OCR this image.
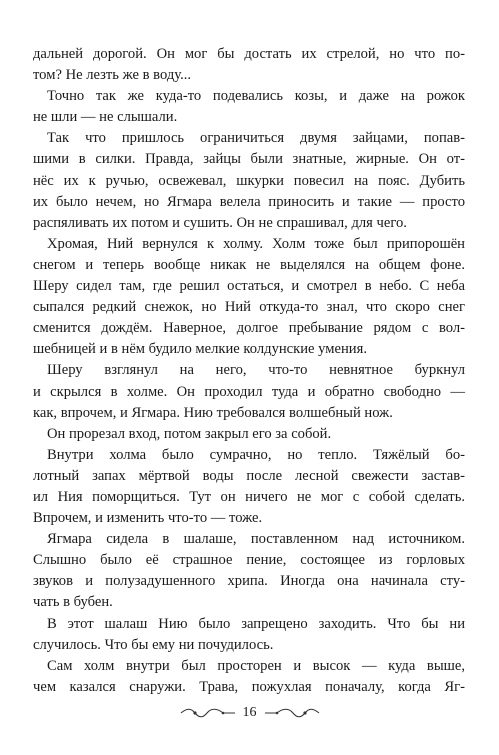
дальней дорогой. Он мог бы достать их стрелой, но что по-
том? Не лезть же в воду...
Точно так же куда-то подевались козы, и даже на рожок
не шли — не слышали.
Так что пришлось ограничиться двумя зайцами, попав-
шими в силки. Правда, зайцы были знатные, жирные. Он от-
нёс их к ручью, освежевал, шкурки повесил на пояс. Дубить
их было нечем, но Ягмара велела приносить и такие — просто
распяливать их потом и сушить. Он не спрашивал, для чего.
Хромая, Ний вернулся к холму. Холм тоже был припорошён
снегом и теперь вообще никак не выделялся на общем фоне.
Шеру сидел там, где решил остаться, и смотрел в небо. С неба
сыпался редкий снежок, но Ний откуда-то знал, что скоро снег
сменится дождём. Наверное, долгое пребывание рядом с вол-
шебницей и в нём будило мелкие колдунские умения.
Шеру взглянул на него, что-то невнятное буркнул
и скрылся в холме. Он проходил туда и обратно свободно —
как, впрочем, и Ягмара. Нию требовался волшебный нож.
Он прорезал вход, потом закрыл его за собой.
Внутри холма было сумрачно, но тепло. Тяжёлый бо-
лотный запах мёртвой воды после лесной свежести застав-
ил Ния поморщиться. Тут он ничего не мог с собой сделать.
Впрочем, и изменить что-то — тоже.
Ягмара сидела в шалаше, поставленном над источником.
Слышно было её страшное пение, состоящее из горловых
звуков и полузадушенного хрипа. Иногда она начинала сту-
чать в бубен.
В этот шалаш Нию было запрещено заходить. Что бы ни
случилось. Что бы ему ни почудилось.
Сам холм внутри был просторен и высок — куда выше,
чем казался снаружи. Трава, пожухлая поначалу, когда Яг-
16
